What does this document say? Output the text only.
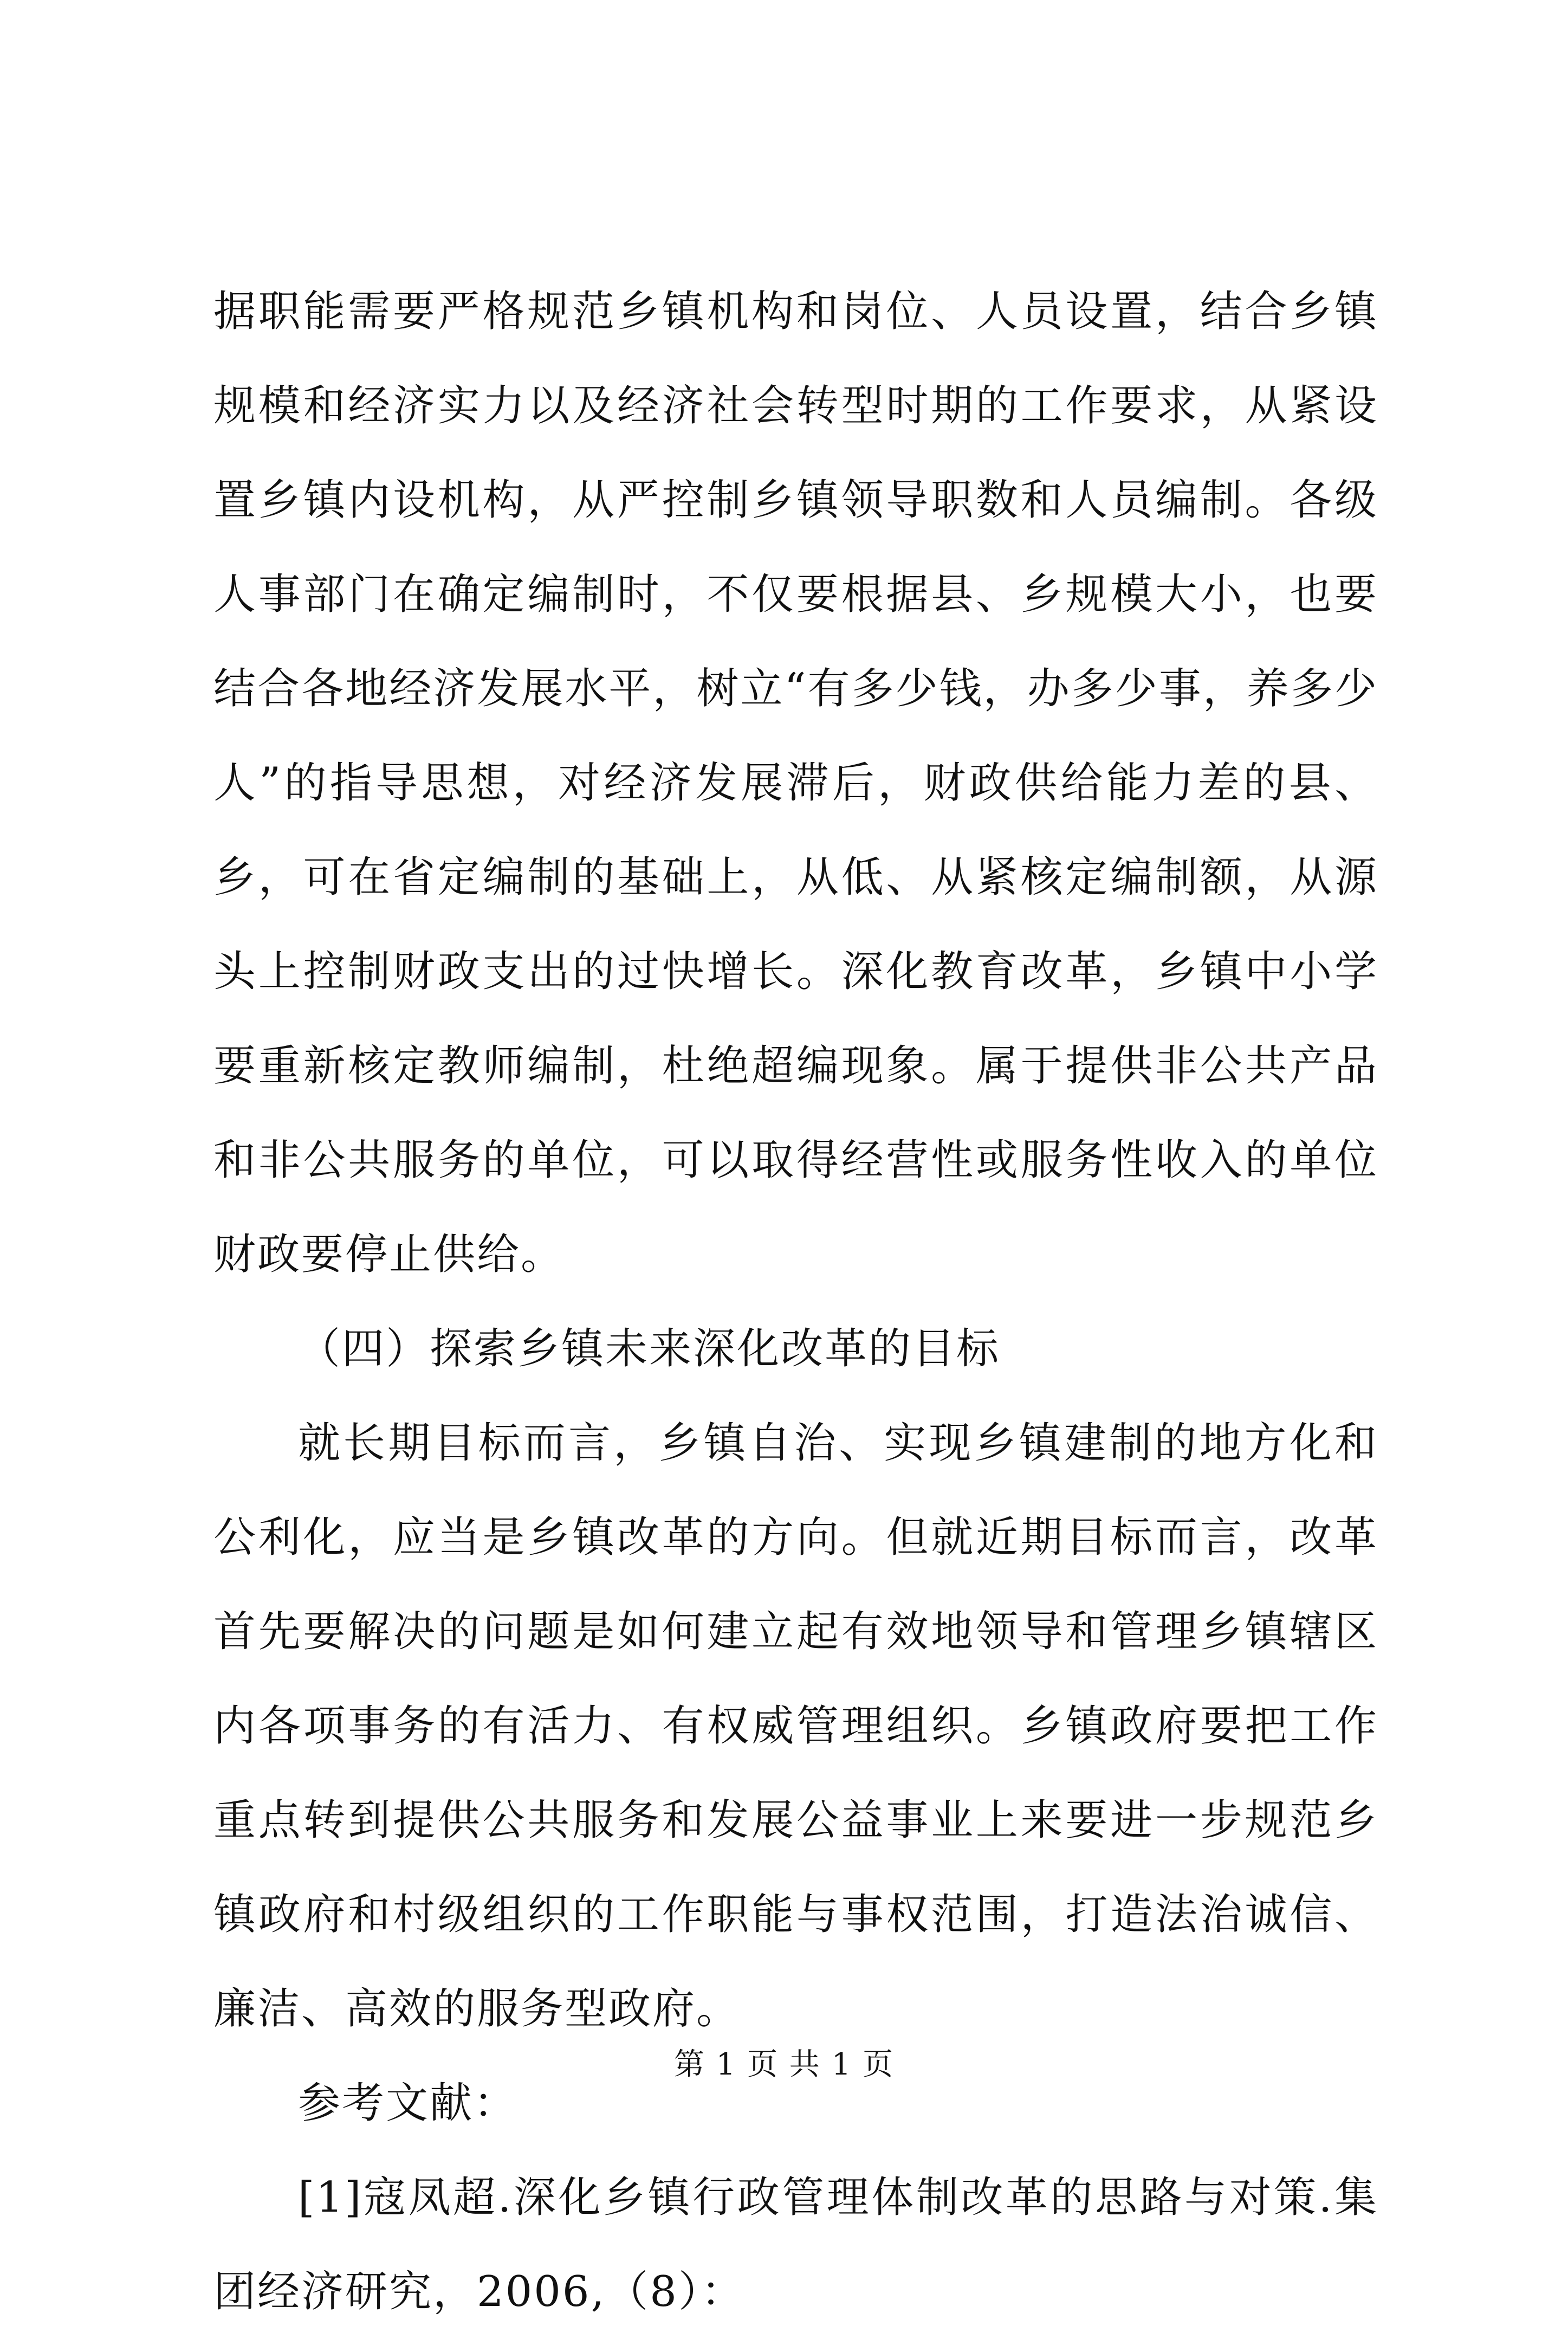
据职能需要严格规范乡镇机构和岗位、人员设置，结合乡镇规模和经济实力以及经济社会转型时期的工作要求，从紧设置乡镇内设机构，从严控制乡镇领导职数和人员编制。各级人事部门在确定编制时，不仅要根据县、乡规模大小，也要结合各地经济发展水平，树立“有多少钱，办多少事，养多少人”的指导思想，对经济发展滞后，财政供给能力差的县、乡，可在省定编制的基础上，从低、从紧核定编制额，从源头上控制财政支出的过快增长。深化教育改革，乡镇中小学要重新核定教师编制，杜绝超编现象。属于提供非公共产品和非公共服务的单位，可以取得经营性或服务性收入的单位财政要停止供给。

（四）探索乡镇未来深化改革的目标

就长期目标而言，乡镇自治、实现乡镇建制的地方化和公利化，应当是乡镇改革的方向。但就近期目标而言，改革首先要解决的问题是如何建立起有效地领导和管理乡镇辖区内各项事务的有活力、有权威管理组织。乡镇政府要把工作重点转到提供公共服务和发展公益事业上来要进一步规范乡镇政府和村级组织的工作职能与事权范围，打造法治诚信、廉洁、高效的服务型政府。

参考文献：

[1]寇凤超.深化乡镇行政管理体制改革的思路与对策.集团经济研究，2006,（8）：

第 1 页 共 1 页
